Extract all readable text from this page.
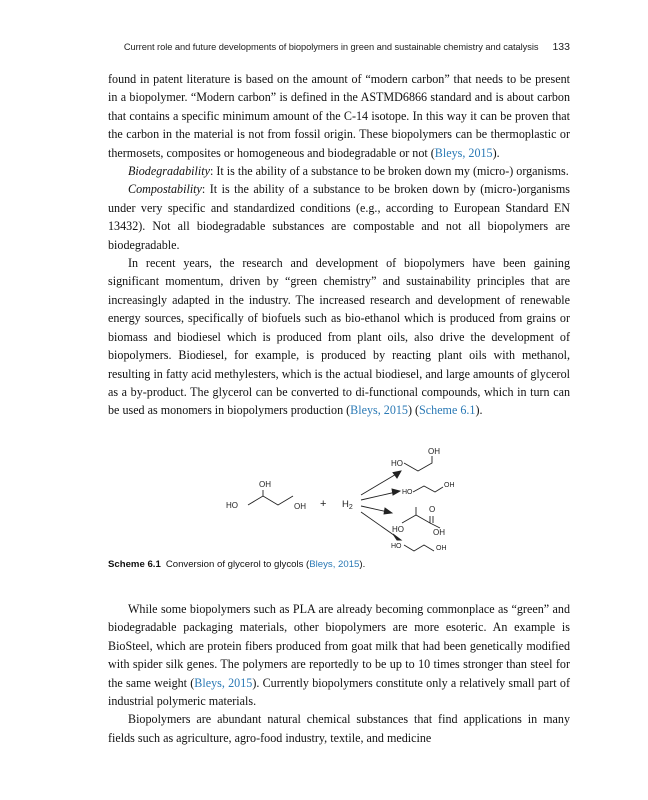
Current role and future developments of biopolymers in green and sustainable chemistry and catalysis 133

found in patent literature is based on the amount of “modern carbon” that needs to be present in a biopolymer. “Modern carbon” is defined in the ASTMD6866 standard and is about carbon that contains a specific minimum amount of the C-14 isotope. In this way it can be proven that the carbon in the material is not from fossil origin. These biopolymers can be thermoplastic or thermosets, composites or homogeneous and biodegradable or not (Bleys, 2015).

Biodegradability: It is the ability of a substance to be broken down my (micro-) organisms.

Compostability: It is the ability of a substance to be broken down by (micro-)organisms under very specific and standardized conditions (e.g., according to European Standard EN 13432). Not all biodegradable substances are compostable and not all biopolymers are biodegradable.

In recent years, the research and development of biopolymers have been gaining significant momentum, driven by “green chemistry” and sustainability principles that are increasingly adapted in the industry. The increased research and development of renewable energy sources, specifically of biofuels such as bio-ethanol which is produced from grains or biomass and biodiesel which is produced from plant oils, also drive the development of biopolymers. Biodiesel, for example, is produced by reacting plant oils with methanol, resulting in fatty acid methylesters, which is the actual biodiesel, and large amounts of glycerol as a by-product. The glycerol can be converted to di-functional compounds, which in turn can be used as monomers in biopolymers production (Bleys, 2015) (Scheme 6.1).

HO
OH
OH + $H_2$
HO
OH
HO
OH
O
HO	OH
HO	OH
Scheme 6.1 Conversion of glycerol to glycols (Bleys, 2015).

While some biopolymers such as PLA are already becoming commonplace as “green” and biodegradable packaging materials, other biopolymers are more esoteric. An example is BioSteel, which are protein fibers produced from goat milk that had been genetically modified with spider silk genes. The polymers are reportedly to be up to 10 times stronger than steel for the same weight (Bleys, 2015). Currently biopolymers constitute only a relatively small part of industrial polymeric materials.

Biopolymers are abundant natural chemical substances that find applications in many fields such as agriculture, agro-food industry, textile, and medicine
